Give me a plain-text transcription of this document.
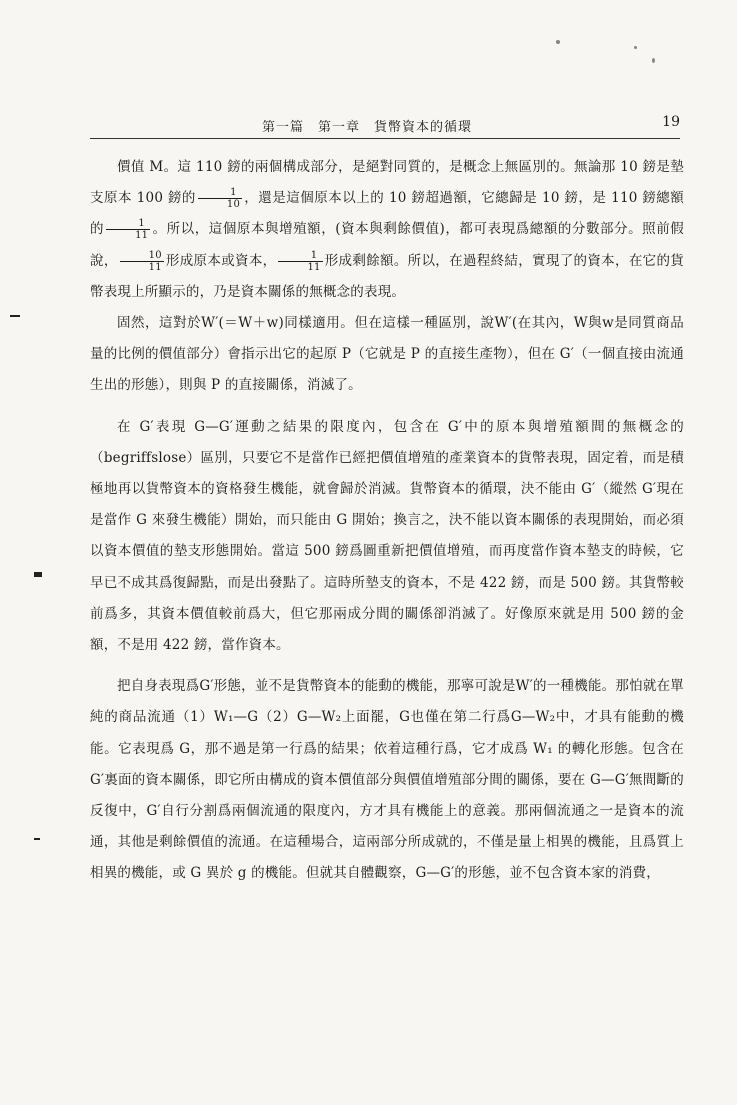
第一篇　第一章　貨幣資本的循環	19

價值 M。這 110 鎊的兩個構成部分，是絕對同質的，是概念上無區別的。無論那 10 鎊是墊支原本 100 鎊的 $\frac{1}{10}$ ，還是這個原本以上的 10 鎊超過額，它總歸是 10 鎊，是 110 鎊總額的 $\frac{1}{11}$ 。所以，這個原本與增殖額，(資本與剩餘價值)，都可表現爲總額的分數部分。照前假說， $\frac{10}{11}$ 形成原本或資本， $\frac{1}{11}$ 形成剩餘額。所以，在過程終結，實現了的資本，在它的貨幣表現上所顯示的，乃是資本關係的無概念的表現。

固然，這對於W′(＝W＋w)同樣適用。但在這樣一種區別，說W′(在其內，W與w是同質商品量的比例的價值部分）會指示出它的起原 P（它就是 P 的直接生產物），但在 G′（一個直接由流通生出的形態），則與 P 的直接關係，消滅了。

在 G′表現 G—G′運動之結果的限度內，包含在 G′中的原本與增殖額間的無概念的（begriffslose）區別，只要它不是當作已經把價值增殖的產業資本的貨幣表現，固定着，而是積極地再以貨幣資本的資格發生機能，就會歸於消滅。貨幣資本的循環，決不能由 G′（縱然 G′現在是當作 G 來發生機能）開始，而只能由 G 開始；換言之，決不能以資本關係的表現開始，而必須以資本價值的墊支形態開始。當這 500 鎊爲圖重新把價值增殖，而再度當作資本墊支的時候，它早已不成其爲復歸點，而是出發點了。這時所墊支的資本，不是 422 鎊，而是 500 鎊。其貨幣較前爲多，其資本價值較前爲大，但它那兩成分間的關係卻消滅了。好像原來就是用 500 鎊的金額，不是用 422 鎊，當作資本。

把自身表現爲G′形態，並不是貨幣資本的能動的機能，那寧可說是W′的一種機能。那怕就在單純的商品流通（1）W₁—G（2）G—W₂上面罷，G也僅在第二行爲G—W₂中，才具有能動的機能。它表現爲 G，那不過是第一行爲的結果；依着這種行爲，它才成爲 W₁ 的轉化形態。包含在 G′裏面的資本關係，即它所由構成的資本價值部分與價值增殖部分間的關係，要在 G—G′無間斷的反復中，G′自行分割爲兩個流通的限度內，方才具有機能上的意義。那兩個流通之一是資本的流通，其他是剩餘價值的流通。在這種場合，這兩部分所成就的，不僅是量上相異的機能，且爲質上相異的機能，或 G 異於 g 的機能。但就其自體觀察，G—G′的形態，並不包含資本家的消費，
